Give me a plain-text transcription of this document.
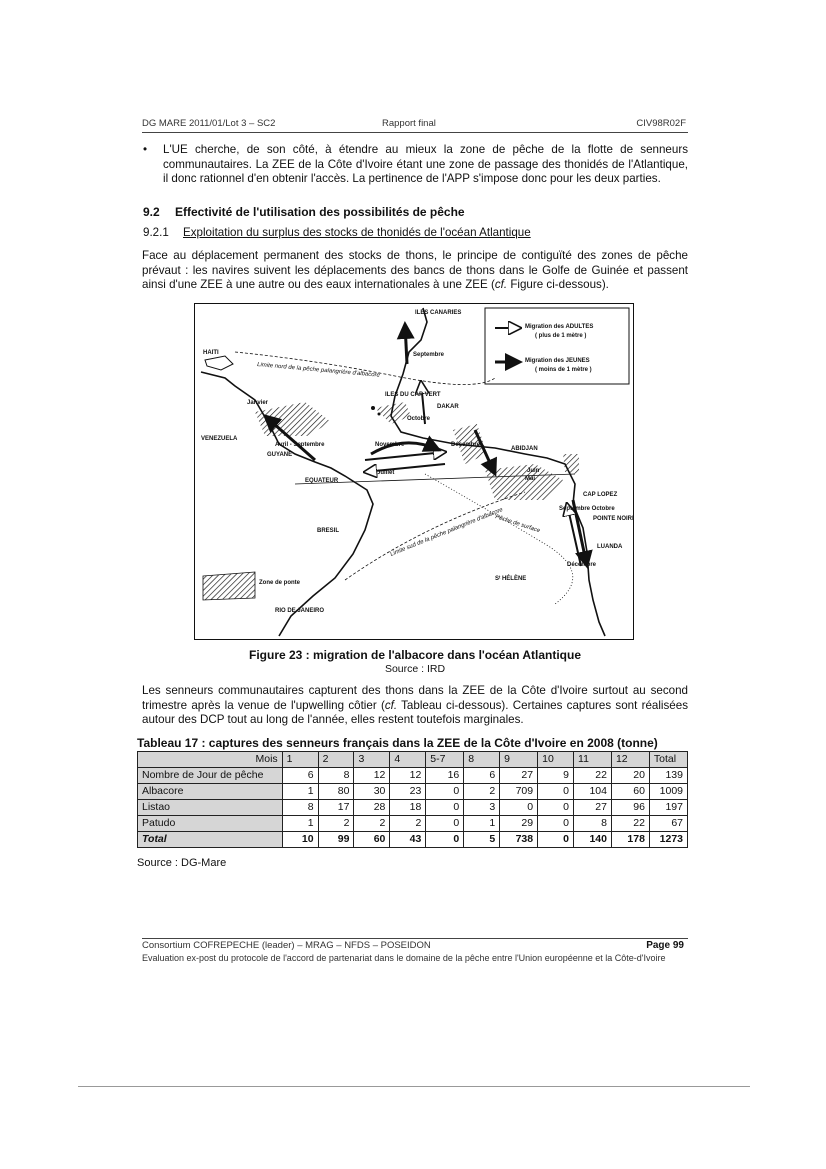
DG MARE 2011/01/Lot 3 – SC2	Rapport final	CIV98R02F
• L'UE cherche, de son côté, à étendre au mieux la zone de pêche de la flotte de senneurs communautaires. La ZEE de la Côte d'Ivoire étant une zone de passage des thonidés de l'Atlantique, il donc rationnel d'en obtenir l'accès. La pertinence de l'APP s'impose donc pour les deux parties.
9.2 Effectivité de l'utilisation des possibilités de pêche
9.2.1 Exploitation du surplus des stocks de thonidés de l'océan Atlantique
Face au déplacement permanent des stocks de thons, le principe de contiguïté des zones de pêche prévaut : les navires suivent les déplacements des bancs de thons dans le Golfe de Guinée et passent ainsi d'une ZEE à une autre ou des eaux internationales à une ZEE (cf. Figure ci-dessous).
Migration des ADULTES
( plus de 1 mètre )
Migration des JEUNES
( moins de 1 mètre )
Zone de ponte
ILES CANARIES
HAITI
VENEZUELA
GUYANE
ILES DU CAP VERT
DAKAR
ABIDJAN
EQUATEUR
CAP LOPEZ
POINTE NOIRE
LUANDA
BRESIL
RIO DE JANEIRO
Sᵗ HÉLÈNE
Limite nord de la pêche palangrière d'albacore
Limite sud de la pêche palangrière d'albacore
Pêche de surface
Avril - Septembre	Novembre
Juillet
Décembre
Mai
Janvier
Septembre
Octobre
Juin
Septembre Octobre
Décembre
Figure 23 : migration de l'albacore dans l'océan Atlantique
Source : IRD
Les senneurs communautaires capturent des thons dans la ZEE de la Côte d'Ivoire surtout au second trimestre après la venue de l'upwelling côtier (cf. Tableau ci-dessous). Certaines captures sont réalisées autour des DCP tout au long de l'année, elles restent toutefois marginales.
Tableau 17 : captures des senneurs français dans la ZEE de la Côte d'Ivoire en 2008 (tonne)
Mois	1	2	3	4	5-7	8	9	10	11	12	Total
Nombre de Jour de pêche	6	8	12	12	16	6	27	9	22	20	139
Albacore	1	80	30	23	0	2	709	0	104	60	1009
Listao	8	17	28	18	0	3	0	0	27	96	197
Patudo	1	2	2	2	0	1	29	0	8	22	67
Total	10	99	60	43	0	5	738	0	140	178	1273
Source : DG-Mare
Consortium COFREPECHE (leader) – MRAG – NFDS – POSEIDON	Page 99
Evaluation ex-post du protocole de l'accord de partenariat dans le domaine de la pêche entre l'Union européenne et la Côte-d'Ivoire
